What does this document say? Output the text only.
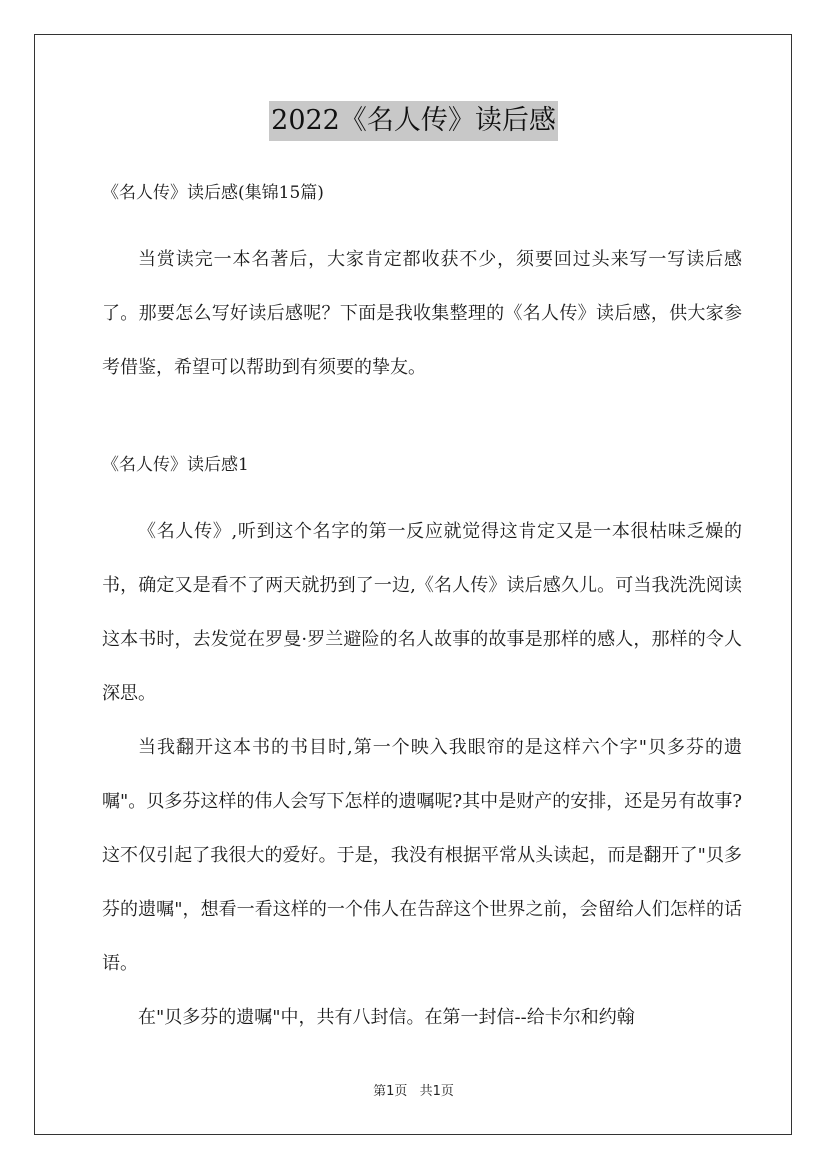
2022《名人传》读后感
《名人传》读后感(集锦15篇)
当赏读完一本名著后，大家肯定都收获不少，须要回过头来写一写读后感了。那要怎么写好读后感呢？下面是我收集整理的《名人传》读后感，供大家参考借鉴，希望可以帮助到有须要的挚友。
《名人传》读后感1

《名人传》,听到这个名字的第一反应就觉得这肯定又是一本很枯味乏燥的书，确定又是看不了两天就扔到了一边,《名人传》读后感久儿。可当我洗洗阅读这本书时，去发觉在罗曼·罗兰避险的名人故事的故事是那样的感人，那样的令人深思。

当我翻开这本书的书目时,第一个映入我眼帘的是这样六个字"贝多芬的遗嘱"。贝多芬这样的伟人会写下怎样的遗嘱呢?其中是财产的安排，还是另有故事?这不仅引起了我很大的爱好。于是，我没有根据平常从头读起，而是翻开了"贝多芬的遗嘱"，想看一看这样的一个伟人在告辞这个世界之前，会留给人们怎样的话语。

在"贝多芬的遗嘱"中，共有八封信。在第一封信--给卡尔和约翰

第1页 共1页
